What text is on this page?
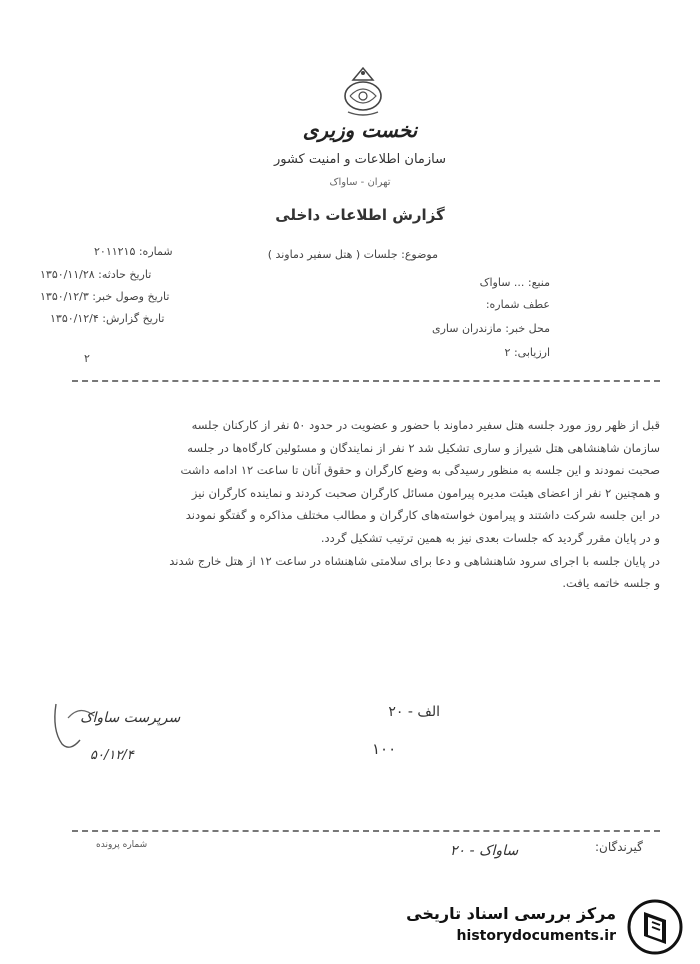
نخست وزیری
سازمان اطلاعات و امنیت کشور
تهران - ساواک
گزارش اطلاعات داخلی
موضوع: جلسات ( هتل سفیر دماوند )
منبع: ... ساواک
عطف شماره:
محل خبر: مازندران ساری
ارزیابی: ۲
شماره: ۲۰۱۱۲۱۵
تاریخ حادثه: ۱۳۵۰/۱۱/۲۸
تاریخ وصول خبر: ۱۳۵۰/۱۲/۳
تاریخ گزارش: ۱۳۵۰/۱۲/۴
۲

قبل از ظهر روز مورد جلسه هتل سفیر دماوند با حضور و عضویت در حدود ۵۰ نفر از کارکنان جلسه

سازمان شاهنشاهی هتل شیراز و ساری تشکیل شد ۲ نفر از نمایندگان و مسئولین کارگاه‌ها در جلسه

صحبت نمودند و این جلسه به منظور رسیدگی به وضع کارگران و حقوق آنان تا ساعت ۱۲ ادامه داشت

و همچنین ۲ نفر از اعضای هیئت مدیره پیرامون مسائل کارگران صحبت کردند و نماینده کارگران نیز

در این جلسه شرکت داشتند و پیرامون خواسته‌های کارگران و مطالب مختلف مذاکره و گفتگو نمودند

و در پایان مقرر گردید که جلسات بعدی نیز به همین ترتیب تشکیل گردد.

در پایان جلسه با اجرای سرود شاهنشاهی و دعا برای سلامتی شاهنشاه در ساعت ۱۲ از هتل خارج شدند

و جلسه خاتمه یافت.

سرپرست ساواک
۵۰/۱۲/۴
الف - ۲۰
۱۰۰
شماره پرونده	گیرندگان:
ساواک - ۲۰
مرکز بررسی اسناد تاریخی
historydocuments.ir
